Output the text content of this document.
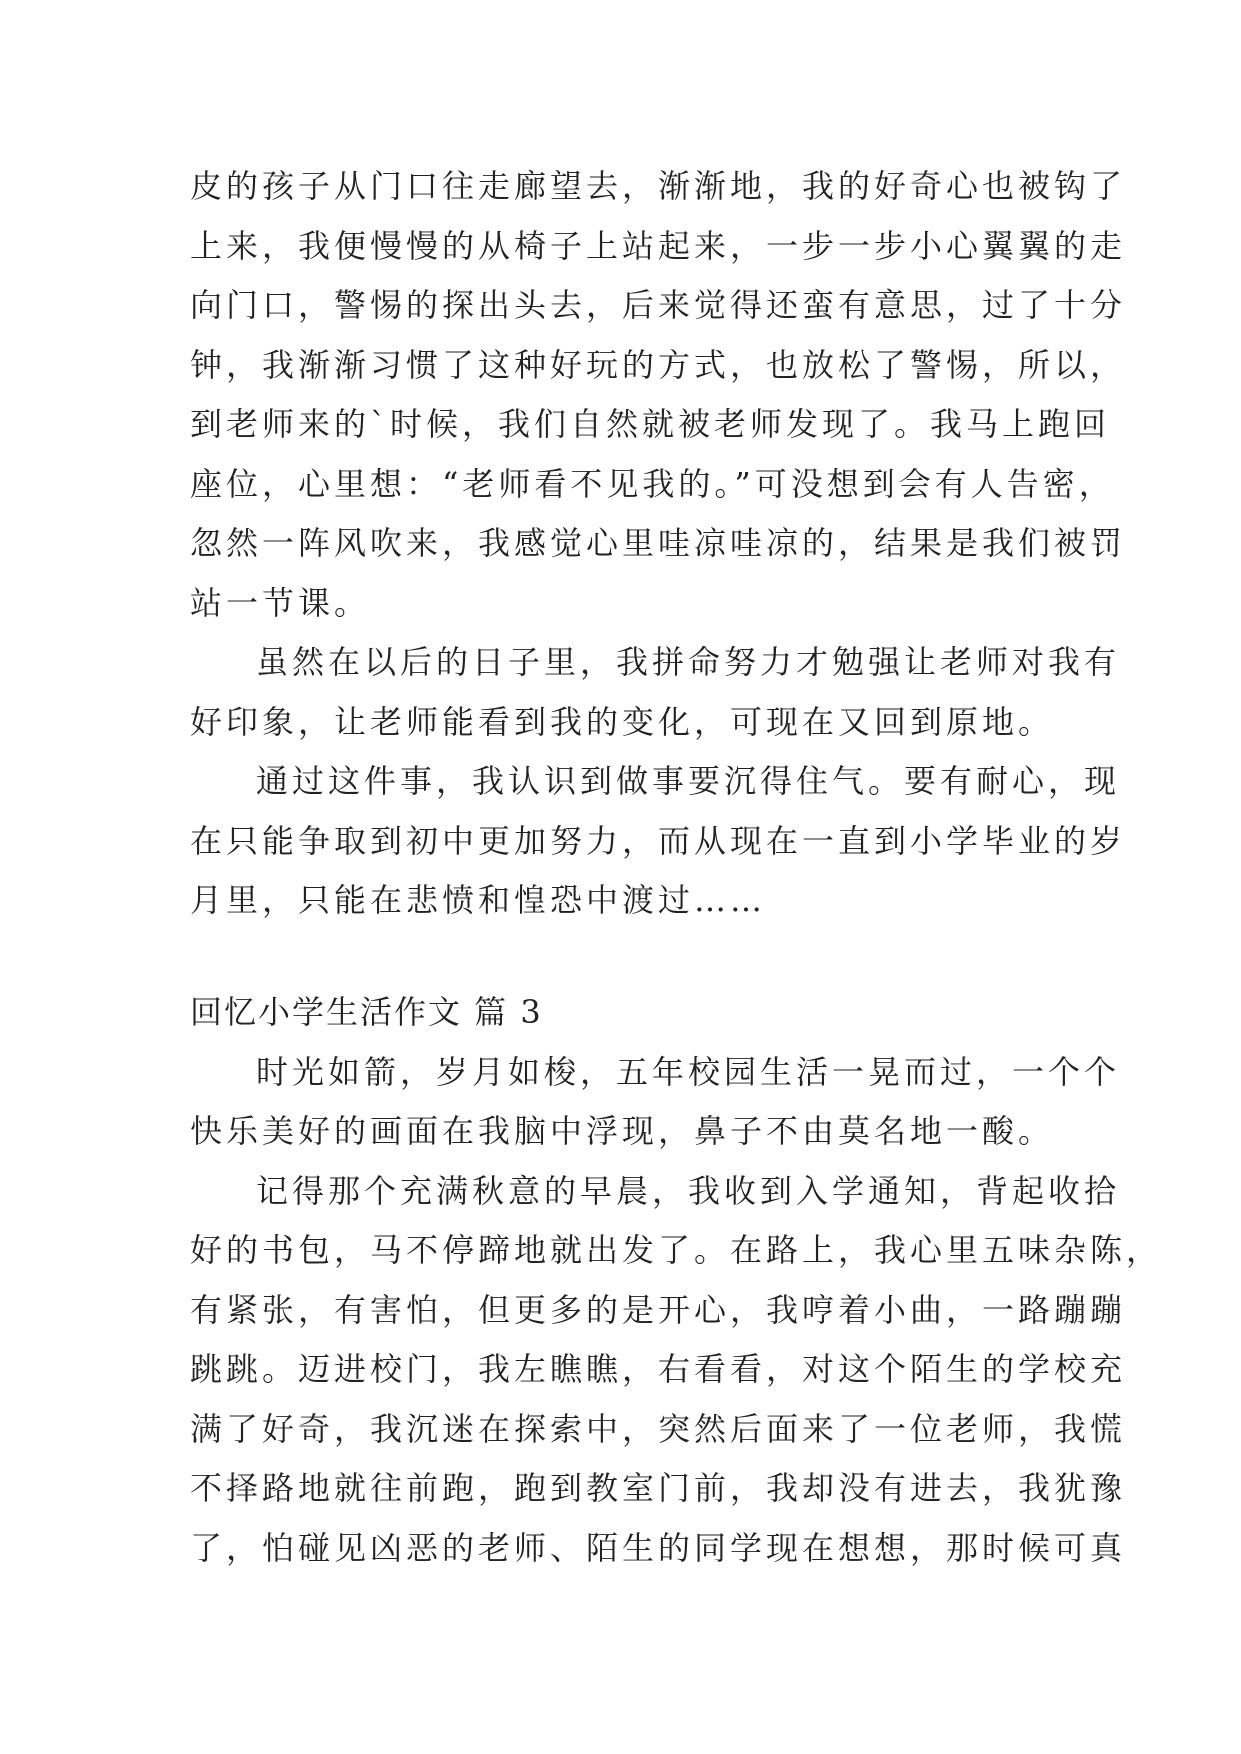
皮的孩子从门口往走廊望去，渐渐地，我的好奇心也被钩了
上来，我便慢慢的从椅子上站起来，一步一步小心翼翼的走
向门口，警惕的探出头去，后来觉得还蛮有意思，过了十分
钟，我渐渐习惯了这种好玩的方式，也放松了警惕，所以，
到老师来的`时候，我们自然就被老师发现了。我马上跑回
座位，心里想：“老师看不见我的。”可没想到会有人告密，
忽然一阵风吹来，我感觉心里哇凉哇凉的，结果是我们被罚
站一节课。
虽然在以后的日子里，我拼命努力才勉强让老师对我有
好印象，让老师能看到我的变化，可现在又回到原地。
通过这件事，我认识到做事要沉得住气。要有耐心，现
在只能争取到初中更加努力，而从现在一直到小学毕业的岁
月里，只能在悲愤和惶恐中渡过……
回忆小学生活作文 篇 3
时光如箭，岁月如梭，五年校园生活一晃而过，一个个
快乐美好的画面在我脑中浮现，鼻子不由莫名地一酸。
记得那个充满秋意的早晨，我收到入学通知，背起收拾
好的书包，马不停蹄地就出发了。在路上，我心里五味杂陈，
有紧张，有害怕，但更多的是开心，我哼着小曲，一路蹦蹦
跳跳。迈进校门，我左瞧瞧，右看看，对这个陌生的学校充
满了好奇，我沉迷在探索中，突然后面来了一位老师，我慌
不择路地就往前跑，跑到教室门前，我却没有进去，我犹豫
了，怕碰见凶恶的老师、陌生的同学现在想想，那时候可真
